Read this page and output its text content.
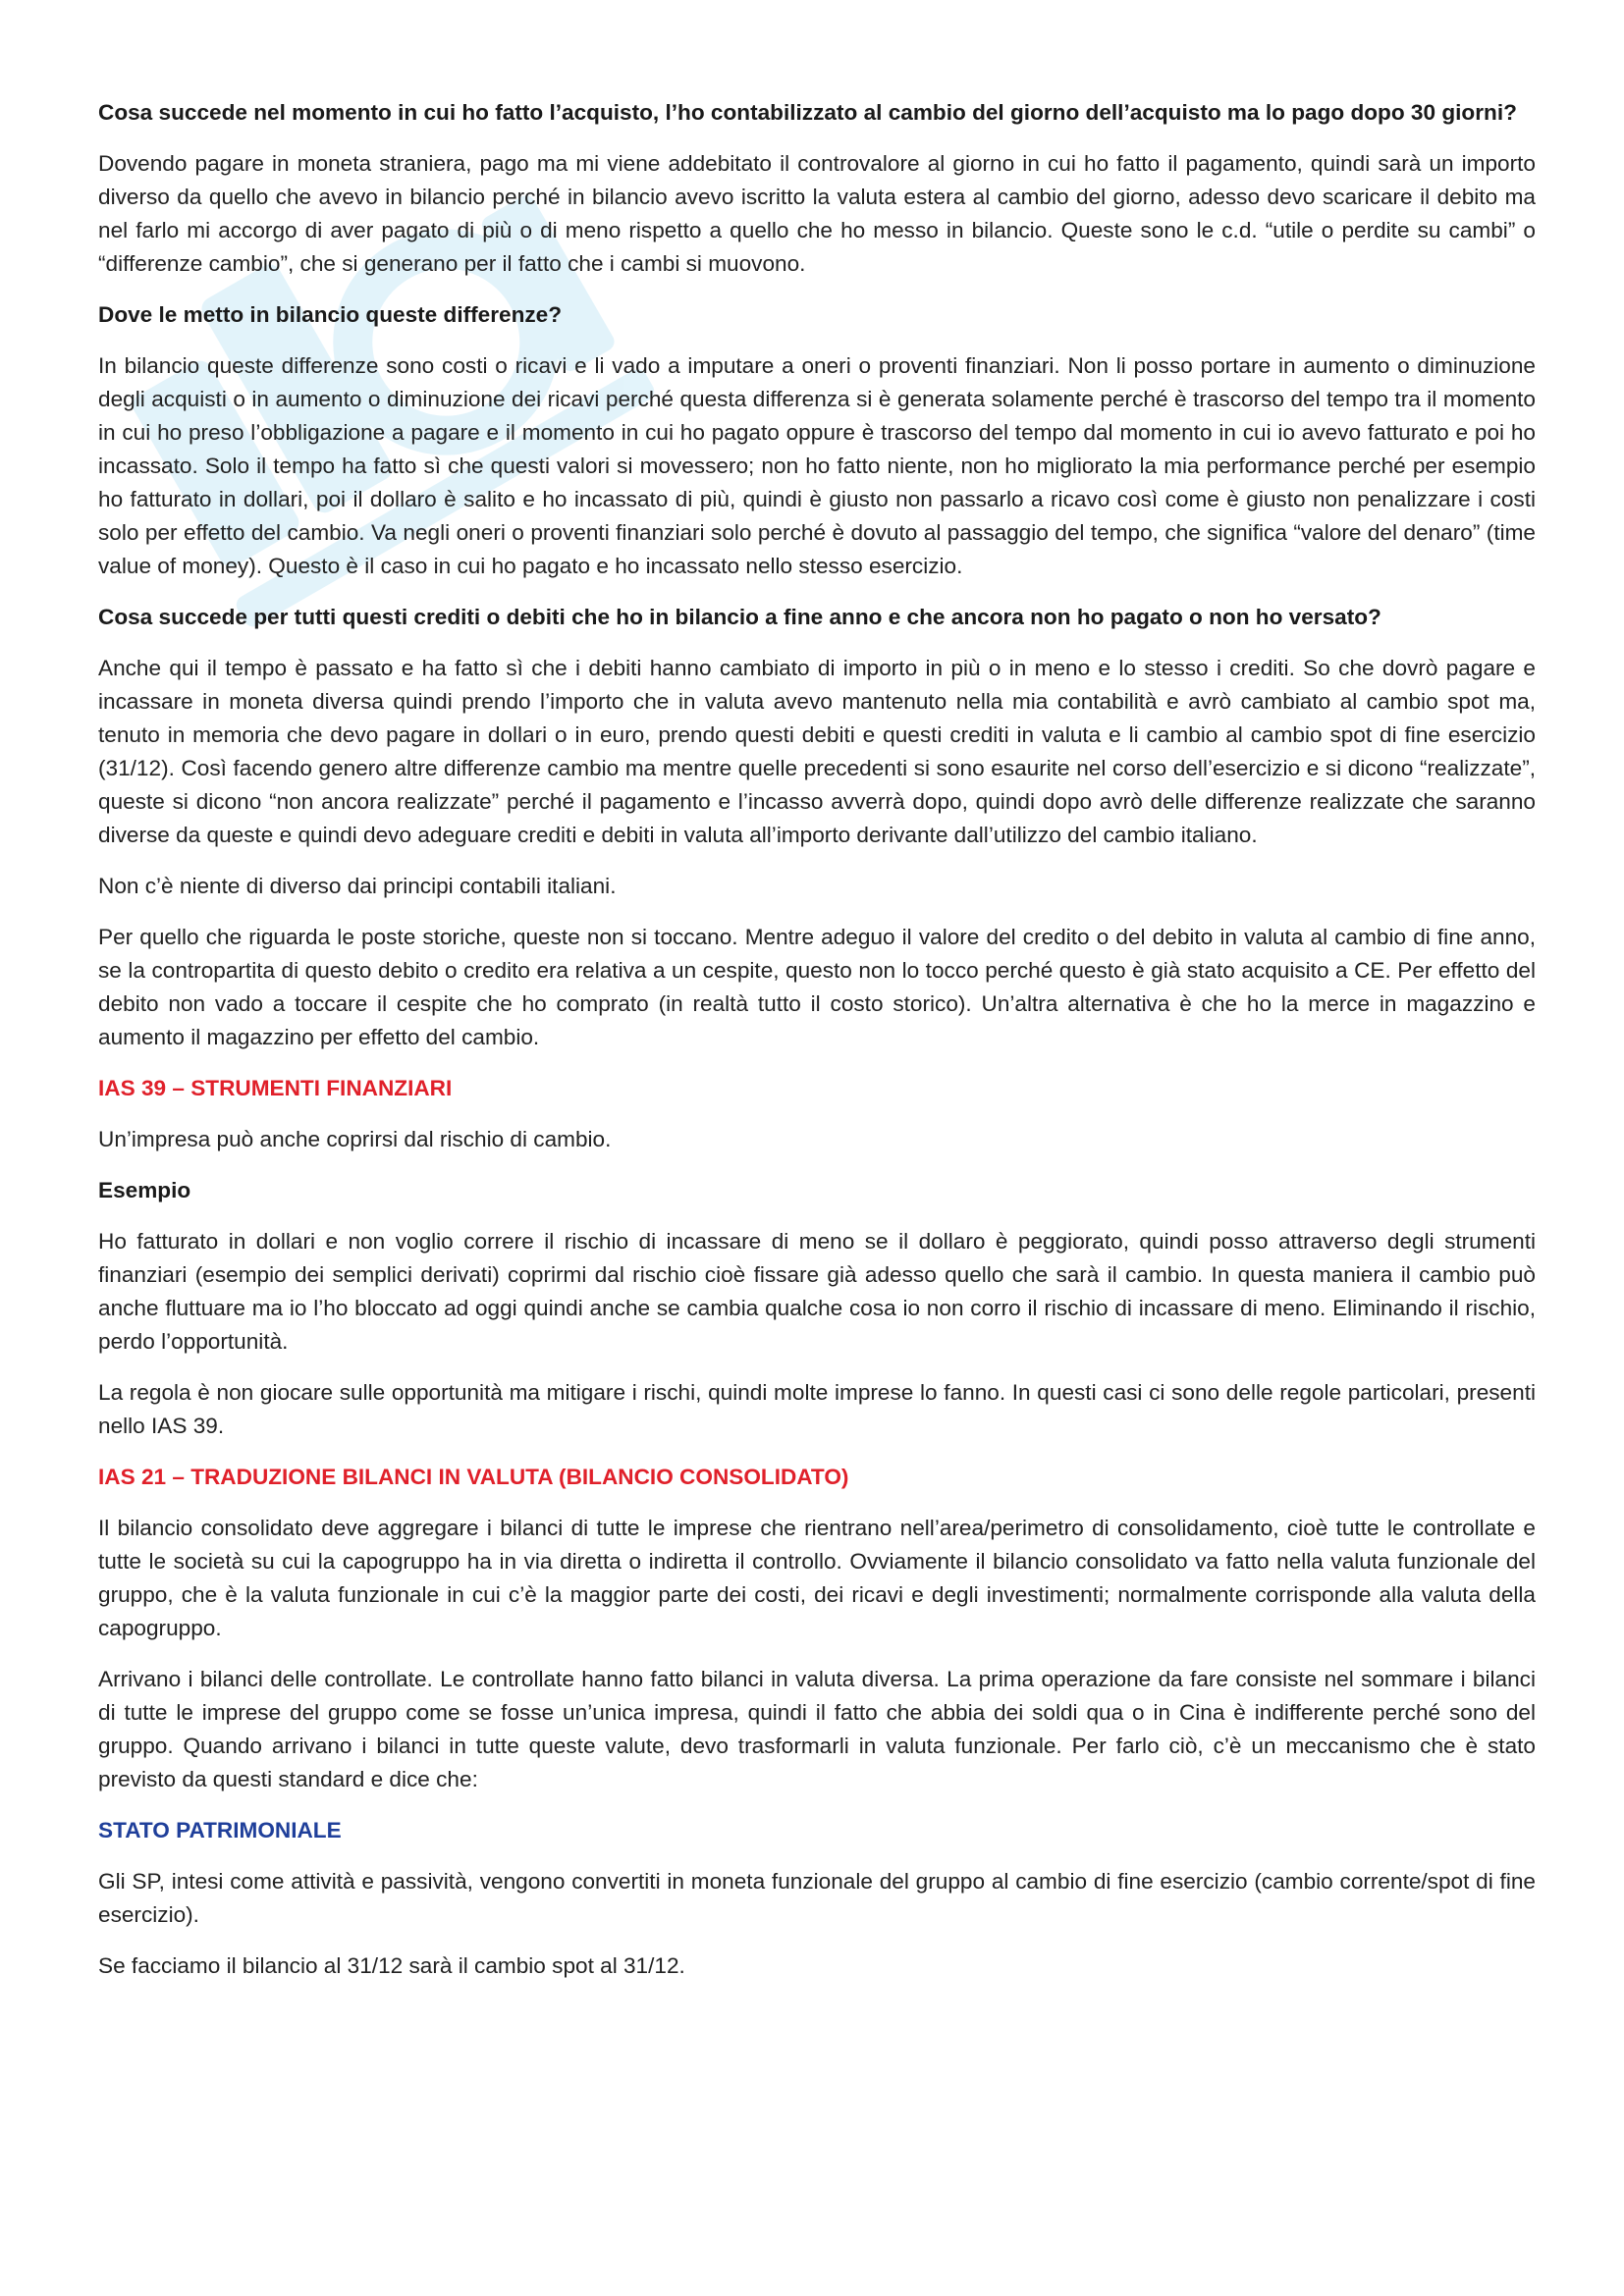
Cosa succede nel momento in cui ho fatto l’acquisto, l’ho contabilizzato al cambio del giorno dell’acquisto ma lo pago dopo 30 giorni?

Dovendo pagare in moneta straniera, pago ma mi viene addebitato il controvalore al giorno in cui ho fatto il pagamento, quindi sarà un importo diverso da quello che avevo in bilancio perché in bilancio avevo iscritto la valuta estera al cambio del giorno, adesso devo scaricare il debito ma nel farlo mi accorgo di aver pagato di più o di meno rispetto a quello che ho messo in bilancio. Queste sono le c.d. “utile o perdite su cambi” o “differenze cambio”, che si generano per il fatto che i cambi si muovono.

Dove le metto in bilancio queste differenze?

In bilancio queste differenze sono costi o ricavi e li vado a imputare a oneri o proventi finanziari. Non li posso portare in aumento o diminuzione degli acquisti o in aumento o diminuzione dei ricavi perché questa differenza si è generata solamente perché è trascorso del tempo tra il momento in cui ho preso l’obbligazione a pagare e il momento in cui ho pagato oppure è trascorso del tempo dal momento in cui io avevo fatturato e poi ho incassato. Solo il tempo ha fatto sì che questi valori si movessero; non ho fatto niente, non ho migliorato la mia performance perché per esempio ho fatturato in dollari, poi il dollaro è salito e ho incassato di più, quindi è giusto non passarlo a ricavo così come è giusto non penalizzare i costi solo per effetto del cambio. Va negli oneri o proventi finanziari solo perché è dovuto al passaggio del tempo, che significa “valore del denaro” (time value of money). Questo è il caso in cui ho pagato e ho incassato nello stesso esercizio.

Cosa succede per tutti questi crediti o debiti che ho in bilancio a fine anno e che ancora non ho pagato o non ho versato?

Anche qui il tempo è passato e ha fatto sì che i debiti hanno cambiato di importo in più o in meno e lo stesso i crediti. So che dovrò pagare e incassare in moneta diversa quindi prendo l’importo che in valuta avevo mantenuto nella mia contabilità e avrò cambiato al cambio spot ma, tenuto in memoria che devo pagare in dollari o in euro, prendo questi debiti e questi crediti in valuta e li cambio al cambio spot di fine esercizio (31/12). Così facendo genero altre differenze cambio ma mentre quelle precedenti si sono esaurite nel corso dell’esercizio e si dicono “realizzate”, queste si dicono “non ancora realizzate” perché il pagamento e l’incasso avverrà dopo, quindi dopo avrò delle differenze realizzate che saranno diverse da queste e quindi devo adeguare crediti e debiti in valuta all’importo derivante dall’utilizzo del cambio italiano.

Non c’è niente di diverso dai principi contabili italiani.

Per quello che riguarda le poste storiche, queste non si toccano. Mentre adeguo il valore del credito o del debito in valuta al cambio di fine anno, se la contropartita di questo debito o credito era relativa a un cespite, questo non lo tocco perché questo è già stato acquisito a CE. Per effetto del debito non vado a toccare il cespite che ho comprato (in realtà tutto il costo storico). Un’altra alternativa è che ho la merce in magazzino e aumento il magazzino per effetto del cambio.

IAS 39 – STRUMENTI FINANZIARI

Un’impresa può anche coprirsi dal rischio di cambio.

Esempio

Ho fatturato in dollari e non voglio correre il rischio di incassare di meno se il dollaro è peggiorato, quindi posso attraverso degli strumenti finanziari (esempio dei semplici derivati) coprirmi dal rischio cioè fissare già adesso quello che sarà il cambio. In questa maniera il cambio può anche fluttuare ma io l’ho bloccato ad oggi quindi anche se cambia qualche cosa io non corro il rischio di incassare di meno. Eliminando il rischio, perdo l’opportunità.

La regola è non giocare sulle opportunità ma mitigare i rischi, quindi molte imprese lo fanno. In questi casi ci sono delle regole particolari, presenti nello IAS 39.

IAS 21 – TRADUZIONE BILANCI IN VALUTA (BILANCIO CONSOLIDATO)

Il bilancio consolidato deve aggregare i bilanci di tutte le imprese che rientrano nell’area/perimetro di consolidamento, cioè tutte le controllate e tutte le società su cui la capogruppo ha in via diretta o indiretta il controllo. Ovviamente il bilancio consolidato va fatto nella valuta funzionale del gruppo, che è la valuta funzionale in cui c’è la maggior parte dei costi, dei ricavi e degli investimenti; normalmente corrisponde alla valuta della capogruppo.

Arrivano i bilanci delle controllate. Le controllate hanno fatto bilanci in valuta diversa. La prima operazione da fare consiste nel sommare i bilanci di tutte le imprese del gruppo come se fosse un’unica impresa, quindi il fatto che abbia dei soldi qua o in Cina è indifferente perché sono del gruppo. Quando arrivano i bilanci in tutte queste valute, devo trasformarli in valuta funzionale. Per farlo ciò, c’è un meccanismo che è stato previsto da questi standard e dice che:

STATO PATRIMONIALE

Gli SP, intesi come attività e passività, vengono convertiti in moneta funzionale del gruppo al cambio di fine esercizio (cambio corrente/spot di fine esercizio).

Se facciamo il bilancio al 31/12 sarà il cambio spot al 31/12.
